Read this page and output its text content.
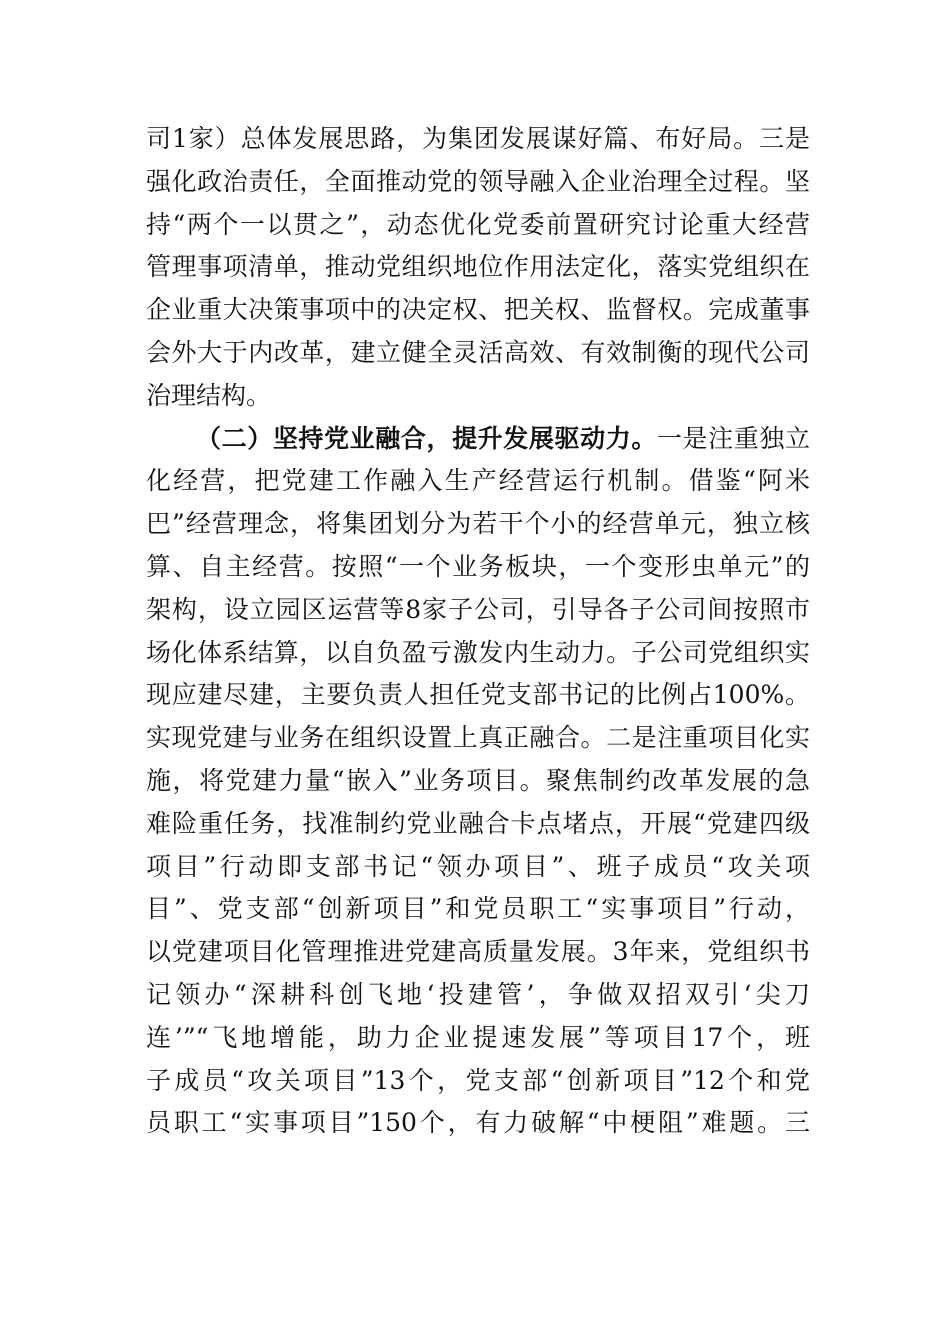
司1家）总体发展思路，为集团发展谋好篇、布好局。三是
强化政治责任，全面推动党的领导融入企业治理全过程。坚
持“两个一以贯之”，动态优化党委前置研究讨论重大经营
管理事项清单，推动党组织地位作用法定化，落实党组织在
企业重大决策事项中的决定权、把关权、监督权。完成董事
会外大于内改革，建立健全灵活高效、有效制衡的现代公司
治理结构。
（二）坚持党业融合，提升发展驱动力。一是注重独立
化经营，把党建工作融入生产经营运行机制。借鉴“阿米
巴”经营理念，将集团划分为若干个小的经营单元，独立核
算、自主经营。按照“一个业务板块，一个变形虫单元”的
架构，设立园区运营等8家子公司，引导各子公司间按照市
场化体系结算，以自负盈亏激发内生动力。子公司党组织实
现应建尽建，主要负责人担任党支部书记的比例占100%。
实现党建与业务在组织设置上真正融合。二是注重项目化实
施，将党建力量“嵌入”业务项目。聚焦制约改革发展的急
难险重任务，找准制约党业融合卡点堵点，开展“党建四级
项目”行动即支部书记“领办项目”、班子成员“攻关项
目”、党支部“创新项目”和党员职工“实事项目”行动，
以党建项目化管理推进党建高质量发展。3年来，党组织书
记领办“深耕科创飞地‘投建管’，争做双招双引‘尖刀
连’”“飞地增能，助力企业提速发展”等项目17个，班
子成员“攻关项目”13个，党支部“创新项目”12个和党
员职工“实事项目”150个，有力破解“中梗阻”难题。三
